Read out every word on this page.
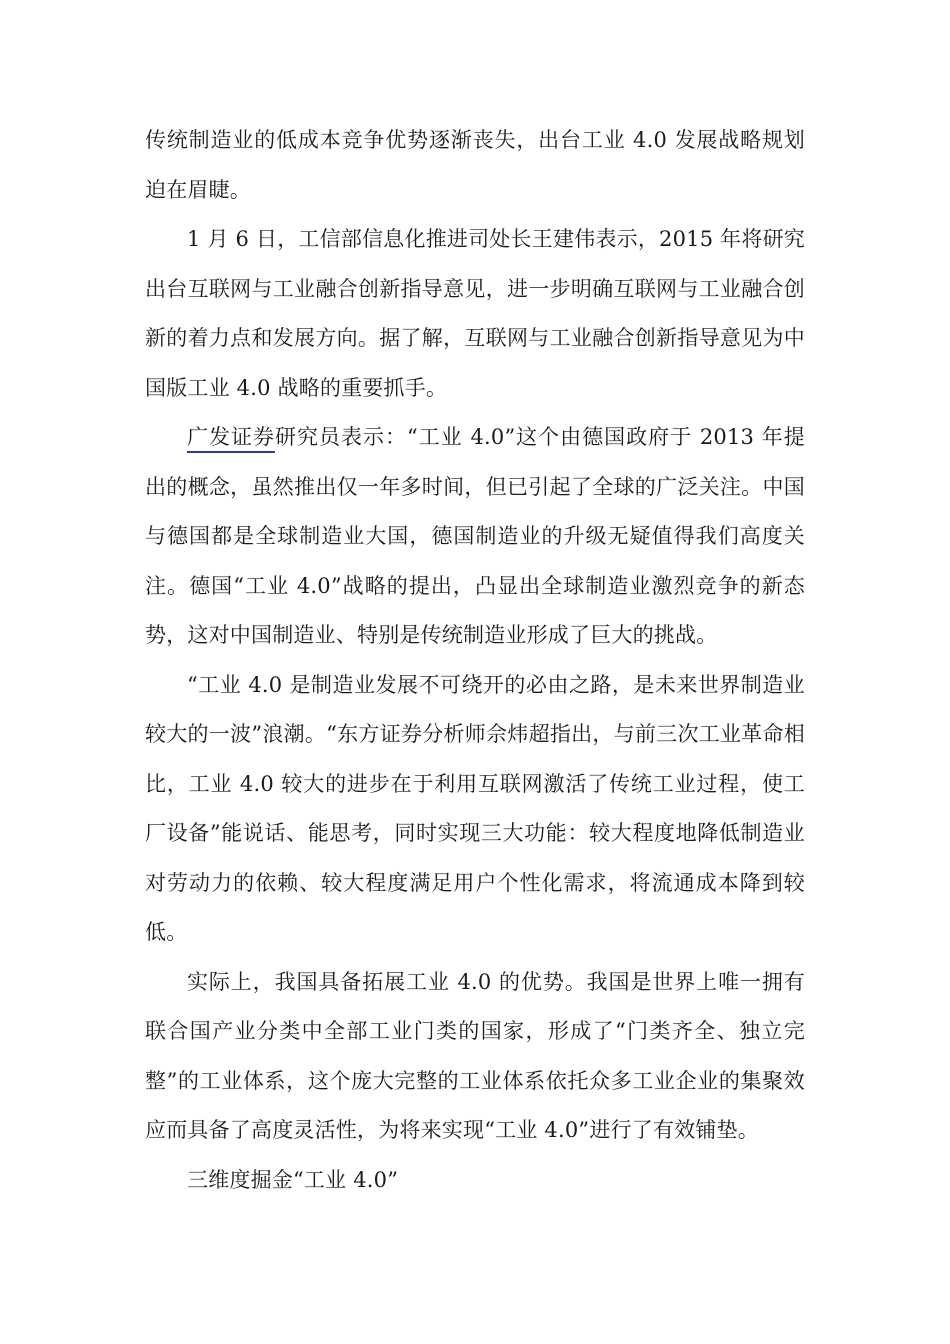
传统制造业的低成本竞争优势逐渐丧失，出台工业 4.0 发展战略规划迫在眉睫。

1 月 6 日，工信部信息化推进司处长王建伟表示，2015 年将研究出台互联网与工业融合创新指导意见，进一步明确互联网与工业融合创新的着力点和发展方向。据了解，互联网与工业融合创新指导意见为中国版工业 4.0 战略的重要抓手。

广发证券研究员表示：“工业 4.0”这个由德国政府于 2013 年提出的概念，虽然推出仅一年多时间，但已引起了全球的广泛关注。中国与德国都是全球制造业大国，德国制造业的升级无疑值得我们高度关注。德国“工业 4.0”战略的提出，凸显出全球制造业激烈竞争的新态势，这对中国制造业、特别是传统制造业形成了巨大的挑战。

“工业 4.0 是制造业发展不可绕开的必由之路，是未来世界制造业较大的一波”浪潮。“东方证券分析师佘炜超指出，与前三次工业革命相比，工业 4.0 较大的进步在于利用互联网激活了传统工业过程，使工厂设备”能说话、能思考，同时实现三大功能：较大程度地降低制造业对劳动力的依赖、较大程度满足用户个性化需求，将流通成本降到较低。

实际上，我国具备拓展工业 4.0 的优势。我国是世界上唯一拥有联合国产业分类中全部工业门类的国家，形成了“门类齐全、独立完整”的工业体系，这个庞大完整的工业体系依托众多工业企业的集聚效应而具备了高度灵活性，为将来实现“工业 4.0”进行了有效铺垫。

三维度掘金“工业 4.0”
